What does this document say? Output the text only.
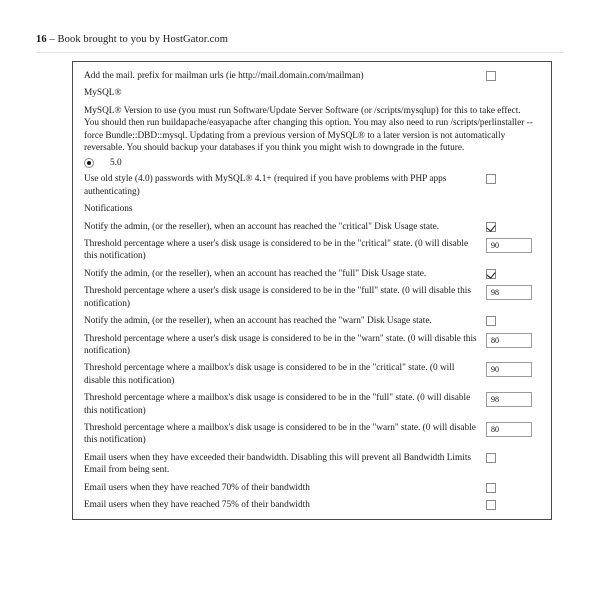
16 – Book brought to you by HostGator.com
Add the mail. prefix for mailman urls (ie http://mail.domain.com/mailman)
MySQL®
MySQL® Version to use (you must run Software/Update Server Software (or /scripts/mysqlup) for this to take effect. You should then run buildapache/easyapache after changing this option. You may also need to run /scripts/perlinstaller --force Bundle::DBD::mysql. Updating from a previous version of MySQL® to a later version is not automatically reversable. You should backup your databases if you think you might wish to downgrade in the future.
5.0
Use old style (4.0) passwords with MySQL® 4.1+ (required if you have problems with PHP apps authenticating)
Notifications
Notify the admin, (or the reseller), when an account has reached the "critical" Disk Usage state.
Threshold percentage where a user's disk usage is considered to be in the "critical" state. (0 will disable this notification)
90
Notify the admin, (or the reseller), when an account has reached the "full" Disk Usage state.
Threshold percentage where a user's disk usage is considered to be in the "full" state. (0 will disable this notification)
98
Notify the admin, (or the reseller), when an account has reached the "warn" Disk Usage state.
Threshold percentage where a user's disk usage is considered to be in the "warn" state. (0 will disable this notification)
80
Threshold percentage where a mailbox's disk usage is considered to be in the "critical" state. (0 will disable this notification)
90
Threshold percentage where a mailbox's disk usage is considered to be in the "full" state. (0 will disable this notification)
98
Threshold percentage where a mailbox's disk usage is considered to be in the "warn" state. (0 will disable this notification)
80
Email users when they have exceeded their bandwidth. Disabling this will prevent all Bandwidth Limits Email from being sent.
Email users when they have reached 70% of their bandwidth
Email users when they have reached 75% of their bandwidth
